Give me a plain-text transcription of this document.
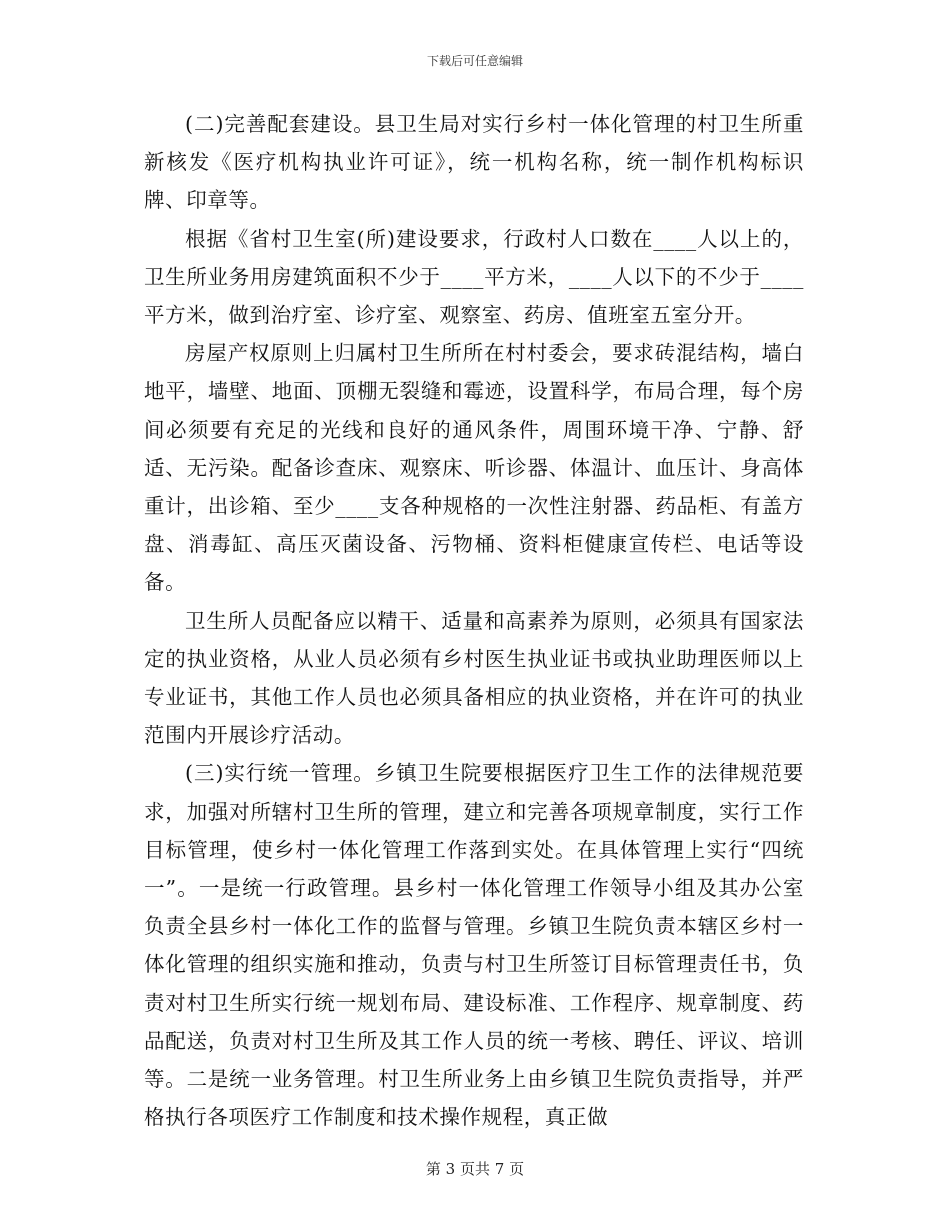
下载后可任意编辑

(二)完善配套建设。县卫生局对实行乡村一体化管理的村卫生所重新核发《医疗机构执业许可证》，统一机构名称，统一制作机构标识牌、印章等。

根据《省村卫生室(所)建设要求，行政村人口数在____人以上的，卫生所业务用房建筑面积不少于____平方米，____人以下的不少于____平方米，做到治疗室、诊疗室、观察室、药房、值班室五室分开。

房屋产权原则上归属村卫生所所在村村委会，要求砖混结构，墙白地平，墙壁、地面、顶棚无裂缝和霉迹，设置科学，布局合理，每个房间必须要有充足的光线和良好的通风条件，周围环境干净、宁静、舒适、无污染。配备诊查床、观察床、听诊器、体温计、血压计、身高体重计，出诊箱、至少____支各种规格的一次性注射器、药品柜、有盖方盘、消毒缸、高压灭菌设备、污物桶、资料柜健康宣传栏、电话等设备。

卫生所人员配备应以精干、适量和高素养为原则，必须具有国家法定的执业资格，从业人员必须有乡村医生执业证书或执业助理医师以上专业证书，其他工作人员也必须具备相应的执业资格，并在许可的执业范围内开展诊疗活动。

(三)实行统一管理。乡镇卫生院要根据医疗卫生工作的法律规范要求，加强对所辖村卫生所的管理，建立和完善各项规章制度，实行工作目标管理，使乡村一体化管理工作落到实处。在具体管理上实行“四统一”。一是统一行政管理。县乡村一体化管理工作领导小组及其办公室负责全县乡村一体化工作的监督与管理。乡镇卫生院负责本辖区乡村一体化管理的组织实施和推动，负责与村卫生所签订目标管理责任书，负责对村卫生所实行统一规划布局、建设标准、工作程序、规章制度、药品配送，负责对村卫生所及其工作人员的统一考核、聘任、评议、培训等。二是统一业务管理。村卫生所业务上由乡镇卫生院负责指导，并严格执行各项医疗工作制度和技术操作规程，真正做

第 3 页共 7 页
